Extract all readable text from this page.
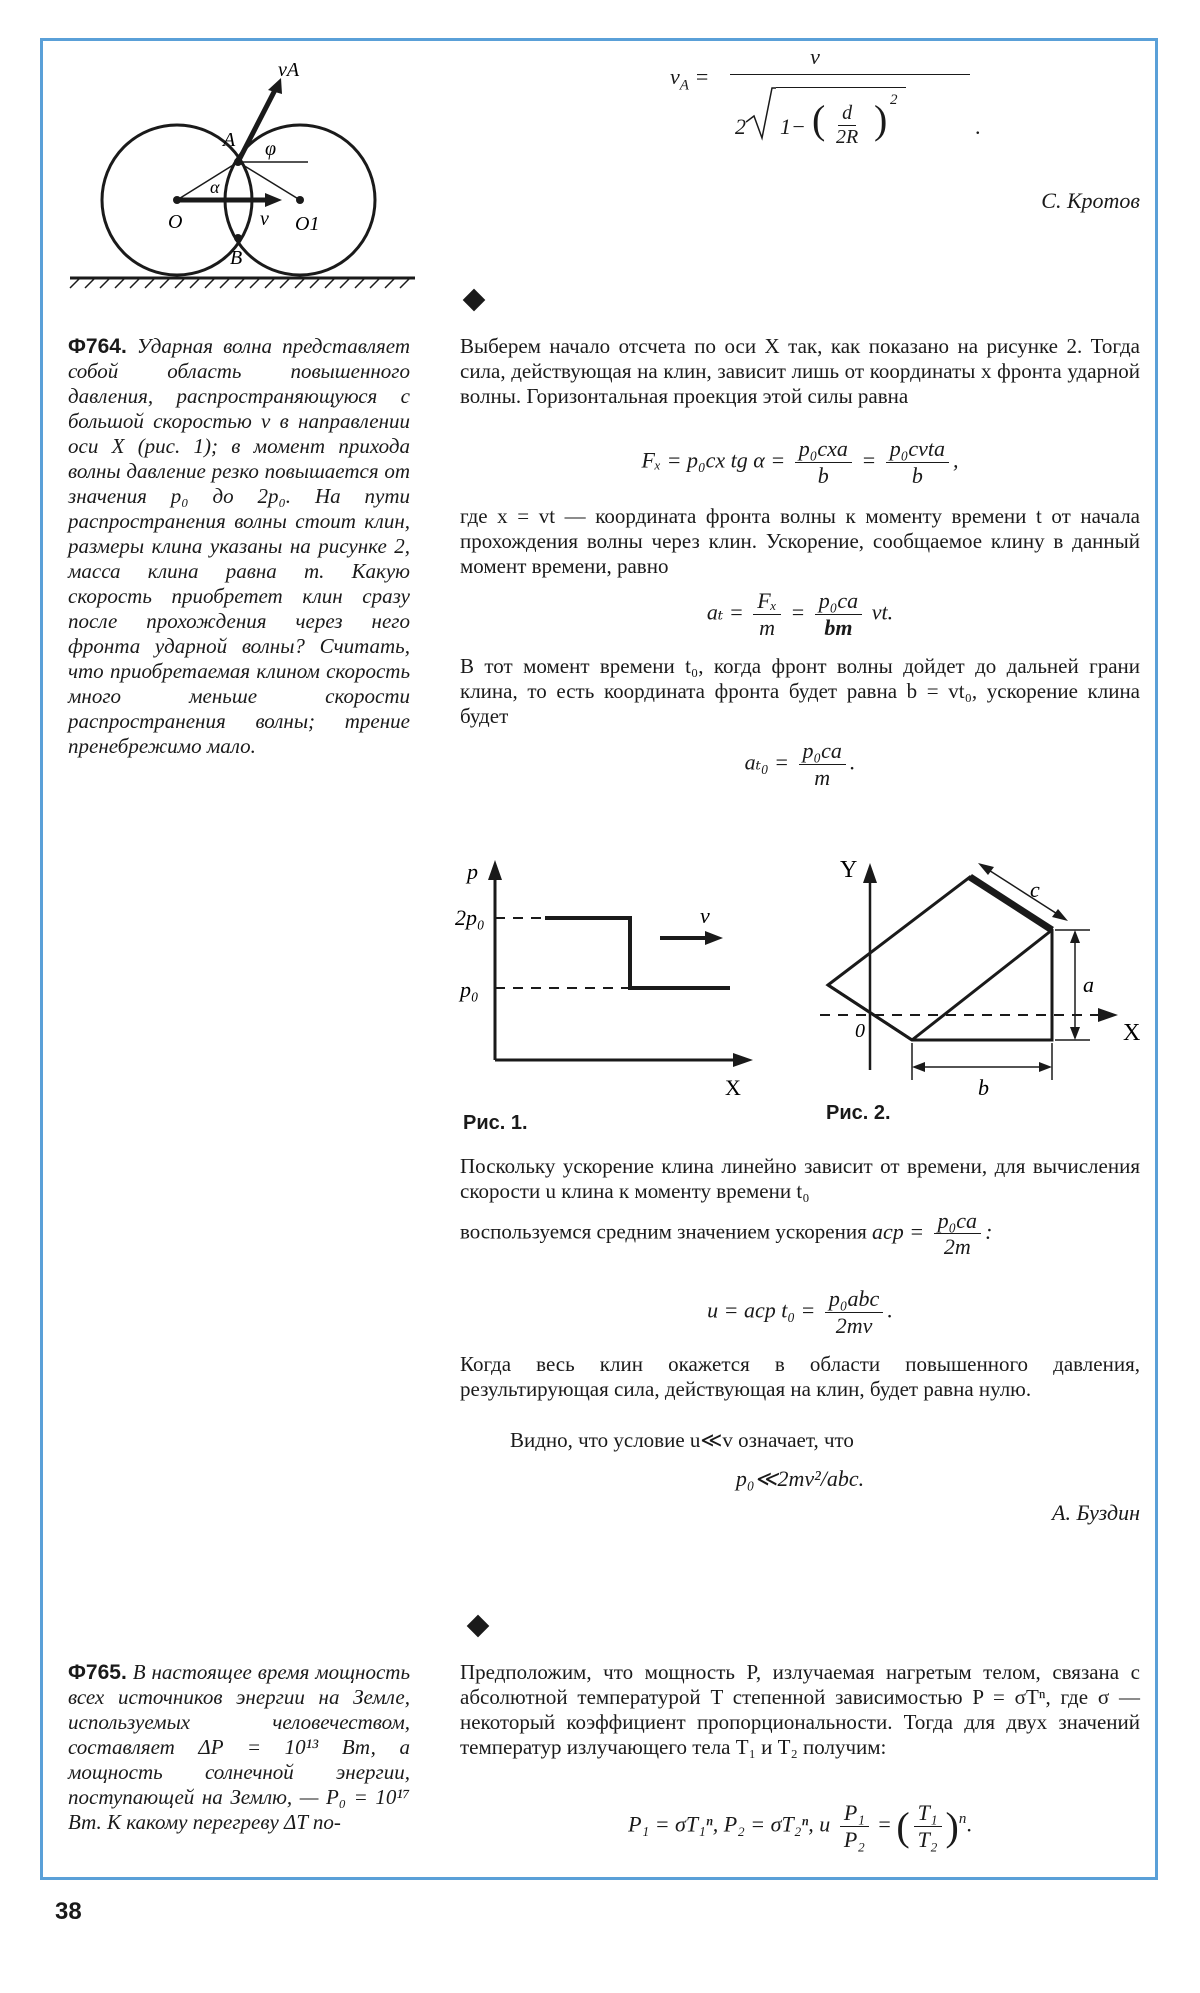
vA
A φ
α
O	v O1
B
$v_A$ =
v
2 1− ( $\frac{d}{2R}$ ) 2
.
С. Кротов
Ф764. Ударная волна представляет собой область повышенного давления, распространяющуюся с большой скоростью v в направлении оси X (рис. 1); в момент прихода волны давление резко повышается от значения p₀ до 2p₀. На пути распространения волны стоит клин, размеры клина указаны на рисунке 2, масса клина равна m. Какую скорость приобретет клин сразу после прохождения через него фронта ударной волны? Считать, что приобретаемая клином скорость много меньше скорости распространения волны; трение пренебрежимо мало.
Выберем начало отсчета по оси X так, как показано на рисунке 2. Тогда сила, действующая на клин, зависит лишь от координаты x фронта ударной волны. Горизонтальная проекция этой силы равна
Fₓ = p₀cx tg $\alpha = \frac{\text{p₀cxa}}{b} = \frac{\text{p₀cvta}}{b}$ ,
где x = vt — координата фронта волны к моменту времени t от начала прохождения волны через клин. Ускорение, сообщаемое клину в данный момент времени, равно
$a_t = \frac{\text{Fₓ}}{m} = \frac{\text{p₀ca}}{bm}$ vt.
В тот момент времени t₀, когда фронт волны дойдет до дальней грани клина, то есть координата фронта будет равна b = vt₀, ускорение клина будет
$a_{t0} = \frac{\text{p₀ca}}{m}$ .
p
2p₀
p₀
v
X
Рис. 1.
Y
c
a
0	X
b
Рис. 2.
Поскольку ускорение клина линейно зависит от времени, для вычисления скорости u клина к моменту времени t₀
воспользуемся средним значением ускорения aср = $\frac{\text{p₀ca}}{2m}$ :
u = aср $t_0 = \frac{\text{p₀abc}}{2mv}$ .
Когда весь клин окажется в области повышенного давления, результирующая сила, действующая на клин, будет равна нулю.
Видно, что условие u≪v означает, что
p₀≪2mv²/abc.
А. Буздин
Ф765. В настоящее время мощность всех источников энергии на Земле, используемых человечеством, составляет ΔP = 10¹³ Вт, а мощность солнечной энергии, поступающей на Землю, — P₀ = 10¹⁷ Вт. К какому перегреву ΔT по-
Предположим, что мощность P, излучаемая нагретым телом, связана с абсолютной температурой T степенной зависимостью P = σTⁿ, где σ — некоторый коэффициент пропорциональности. Тогда для двух значений температур излучающего тела T₁ и T₂ получим:
P₁ = σT₁ⁿ, P₂ = σT₂ⁿ, и $\frac{\text{P₁}}{\text{P₂}}$ = ( $\frac{\text{T₁}}{\text{T₂}} )^n$.
38
